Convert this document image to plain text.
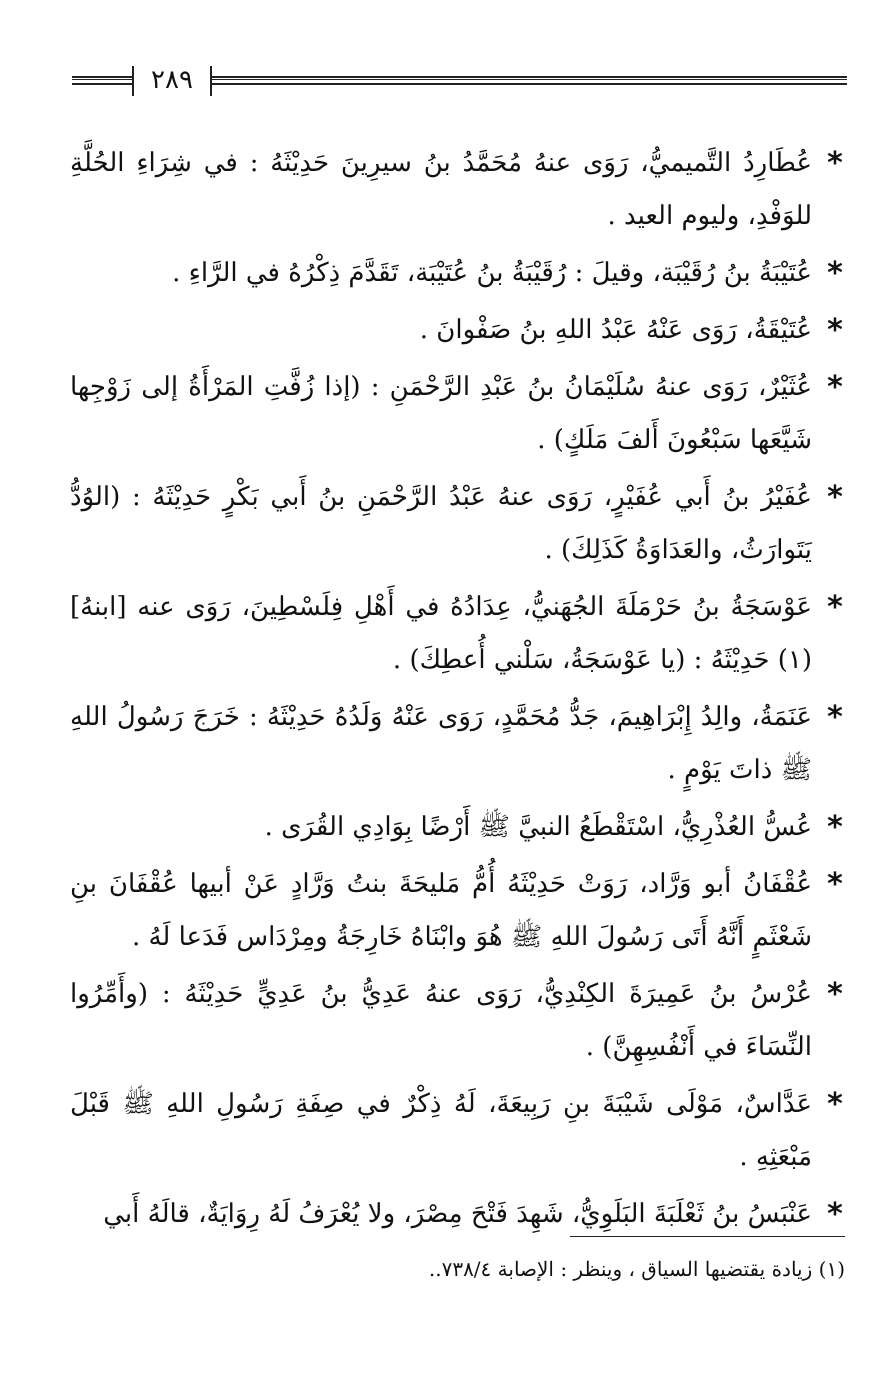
٢٨٩
*
عُطَارِدُ التَّميميُّ، رَوَى عنهُ مُحَمَّدُ بنُ سيرِينَ حَدِيْثَهُ : في شِرَاءِ الحُلَّةِ للوَفْدِ، وليوم العيد .
*
عُتَيْبَةُ بنُ رُقَيْبَة، وقيلَ : رُقَيْبَةُ بنُ عُتَيْبَة، تَقَدَّمَ ذِكْرُهُ في الرَّاءِ .
*
عُتَيْقَةُ، رَوَى عَنْهُ عَبْدُ اللهِ بنُ صَفْوانَ .
*
عُثَيْرٌ، رَوَى عنهُ سُلَيْمَانُ بنُ عَبْدِ الرَّحْمَنِ : (إذا زُفَّتِ المَرْأَةُ إلى زَوْجِها شَيَّعَها سَبْعُونَ أَلفَ مَلَكٍ) .
*
عُفَيْرُ بنُ أَبي عُفَيْرٍ، رَوَى عنهُ عَبْدُ الرَّحْمَنِ بنُ أَبي بَكْرٍ حَدِيْثَهُ : (الوُدُّ يَتَوارَثُ، والعَدَاوَةُ كَذَلِكَ) .
*
عَوْسَجَةُ بنُ حَرْمَلَةَ الجُهَنيُّ، عِدَادُهُ في أَهْلِ فِلَسْطِينَ، رَوَى عنه [ابنهُ] (١) حَدِيْثَهُ : (يا عَوْسَجَةُ، سَلْني أُعطِكَ) .
*
عَنَمَةُ، والِدُ إِبْرَاهِيمَ، جَدُّ مُحَمَّدٍ، رَوَى عَنْهُ وَلَدُهُ حَدِيْثَهُ : خَرَجَ رَسُولُ اللهِ ﷺ ذاتَ يَوْمٍ .
*
عُسُّ العُذْرِيُّ، اسْتَقْطَعُ النبيَّ ﷺ أَرْضًا بِوَادِي القُرَى .
*
عُقْفَانُ أبو وَرَّاد، رَوَتْ حَدِيْثَهُ أُمُّ مَليحَةَ بنتُ وَرَّادٍ عَنْ أبيها عُقْفَانَ بنِ شَعْثَمٍ أَنَّهُ أَتَى رَسُولَ اللهِ ﷺ هُوَ وابْنَاهُ خَارِجَةُ ومِرْدَاس فَدَعا لَهُ .
*
عُرْسُ بنُ عَمِيرَةَ الكِنْدِيُّ، رَوَى عنهُ عَدِيُّ بنُ عَدِيٍّ حَدِيْثَهُ : (وأَمِّرُوا النِّسَاءَ في أَنْفُسِهِنَّ) .
*
عَدَّاسٌ، مَوْلَى شَيْبَةَ بنِ رَبِيعَةَ، لَهُ ذِكْرٌ في صِفَةِ رَسُولِ اللهِ ﷺ قَبْلَ مَبْعَثِهِ .
*
عَنْبَسُ بنُ ثَعْلَبَةَ البَلَوِيُّ، شَهِدَ فَتْحَ مِصْرَ، ولا يُعْرَفُ لَهُ رِوَايَةٌ، قالَهُ أَبي
(١) زيادة يقتضيها السياق ، وينظر : الإصابة ٧٣٨/٤..
